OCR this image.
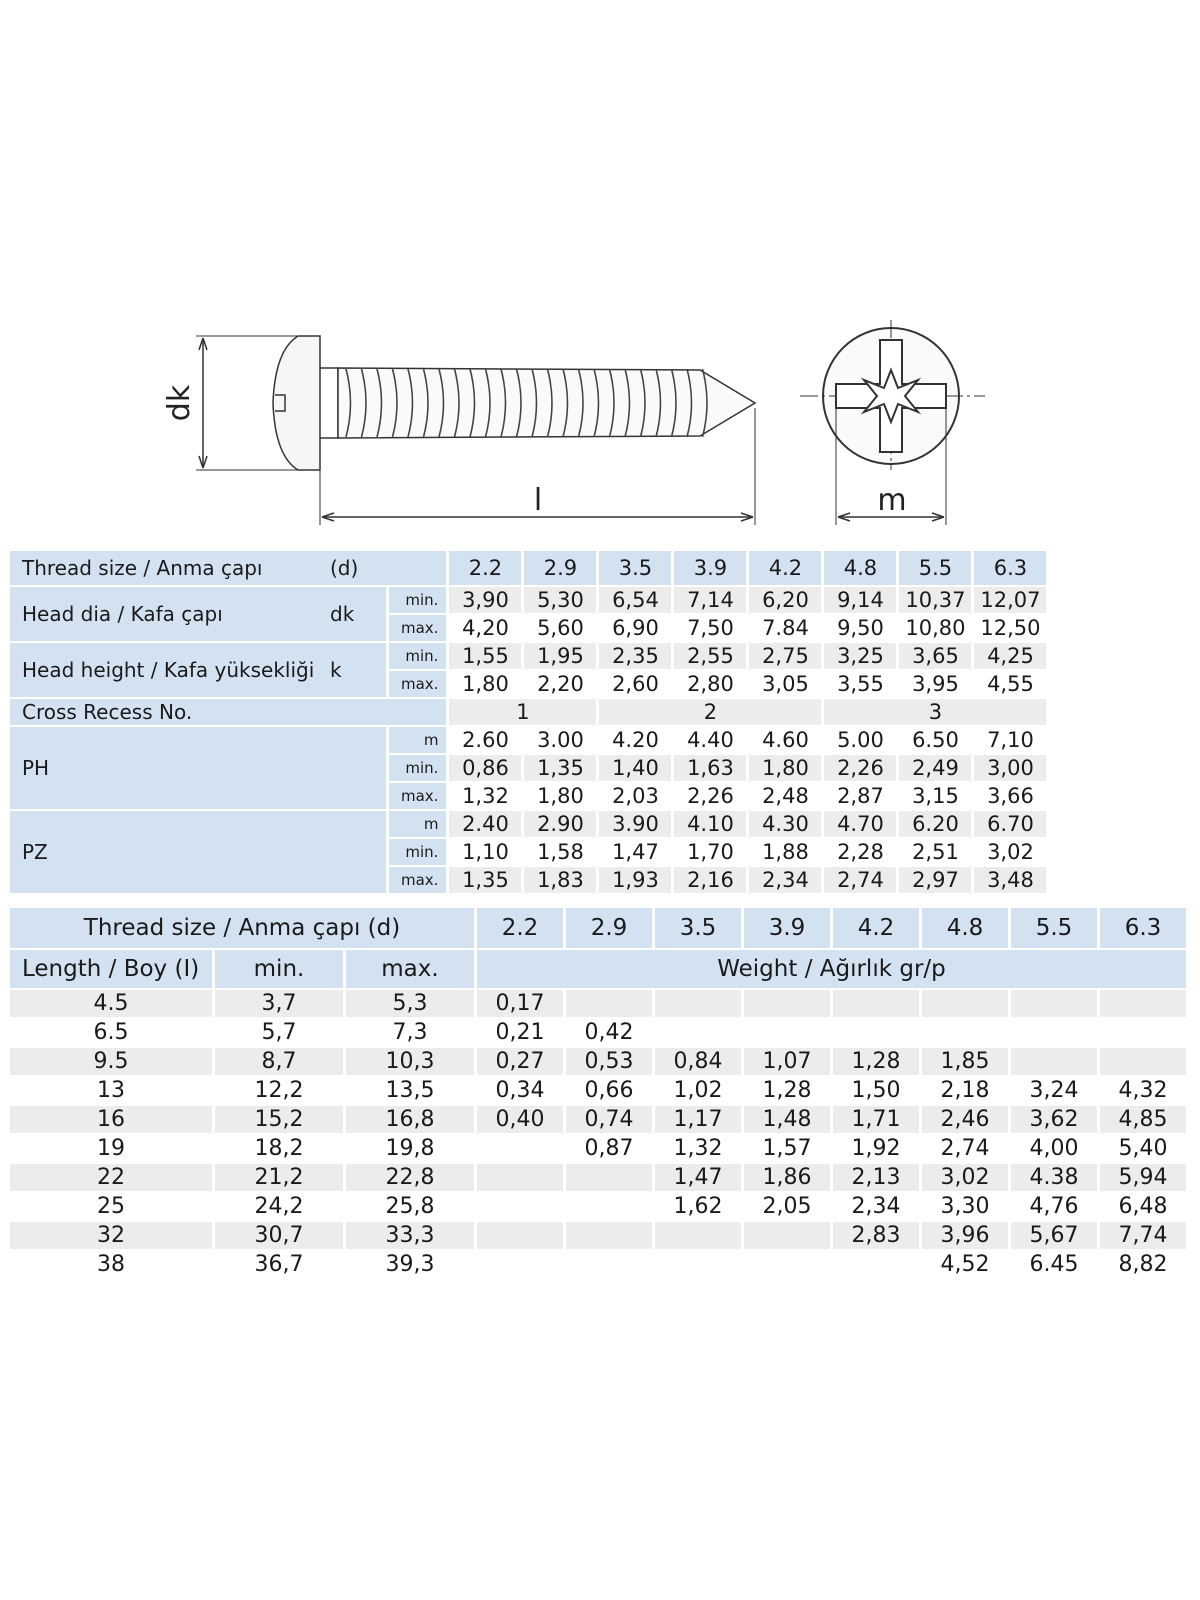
dk
l	m
Thread size / Anma çapı (d)		2.2	2.9	3.5	3.9	4.2	4.8	5.5	6.3
Head dia / Kafa çapı dk	min.	3,90	5,30	6,54	7,14	6,20	9,14	10,37	12,07
	max.	4,20	5,60	6,90	7,50	7.84	9,50	10,80	12,50
Head height / Kafa yüksekliği k	min.	1,55	1,95	2,35	2,55	2,75	3,25	3,65	4,25
	max.	1,80	2,20	2,60	2,80	3,05	3,55	3,95	4,55
Cross Recess No.		1		2			3		
PH	m	2.60	3.00	4.20	4.40	4.60	5.00	6.50	7,10
	min.	0,86	1,35	1,40	1,63	1,80	2,26	2,49	3,00
	max.	1,32	1,80	2,03	2,26	2,48	2,87	3,15	3,66
PZ	m	2.40	2.90	3.90	4.10	4.30	4.70	6.20	6.70
	min.	1,10	1,58	1,47	1,70	1,88	2,28	2,51	3,02
	max.	1,35	1,83	1,93	2,16	2,34	2,74	2,97	3,48
Thread size / Anma çapı (d)			2.2	2.9	3.5	3.9	4.2	4.8	5.5	6.3
Length / Boy (I)	min.	max.	Weight / Ağırlık gr/p							
4.5	3,7	5,3	0,17							
6.5	5,7	7,3	0,21	0,42						
9.5	8,7	10,3	0,27	0,53	0,84	1,07	1,28	1,85		
13	12,2	13,5	0,34	0,66	1,02	1,28	1,50	2,18	3,24	4,32
16	15,2	16,8	0,40	0,74	1,17	1,48	1,71	2,46	3,62	4,85
19	18,2	19,8		0,87	1,32	1,57	1,92	2,74	4,00	5,40
22	21,2	22,8			1,47	1,86	2,13	3,02	4.38	5,94
25	24,2	25,8			1,62	2,05	2,34	3,30	4,76	6,48
32	30,7	33,3					2,83	3,96	5,67	7,74
38	36,7	39,3						4,52	6.45	8,82
